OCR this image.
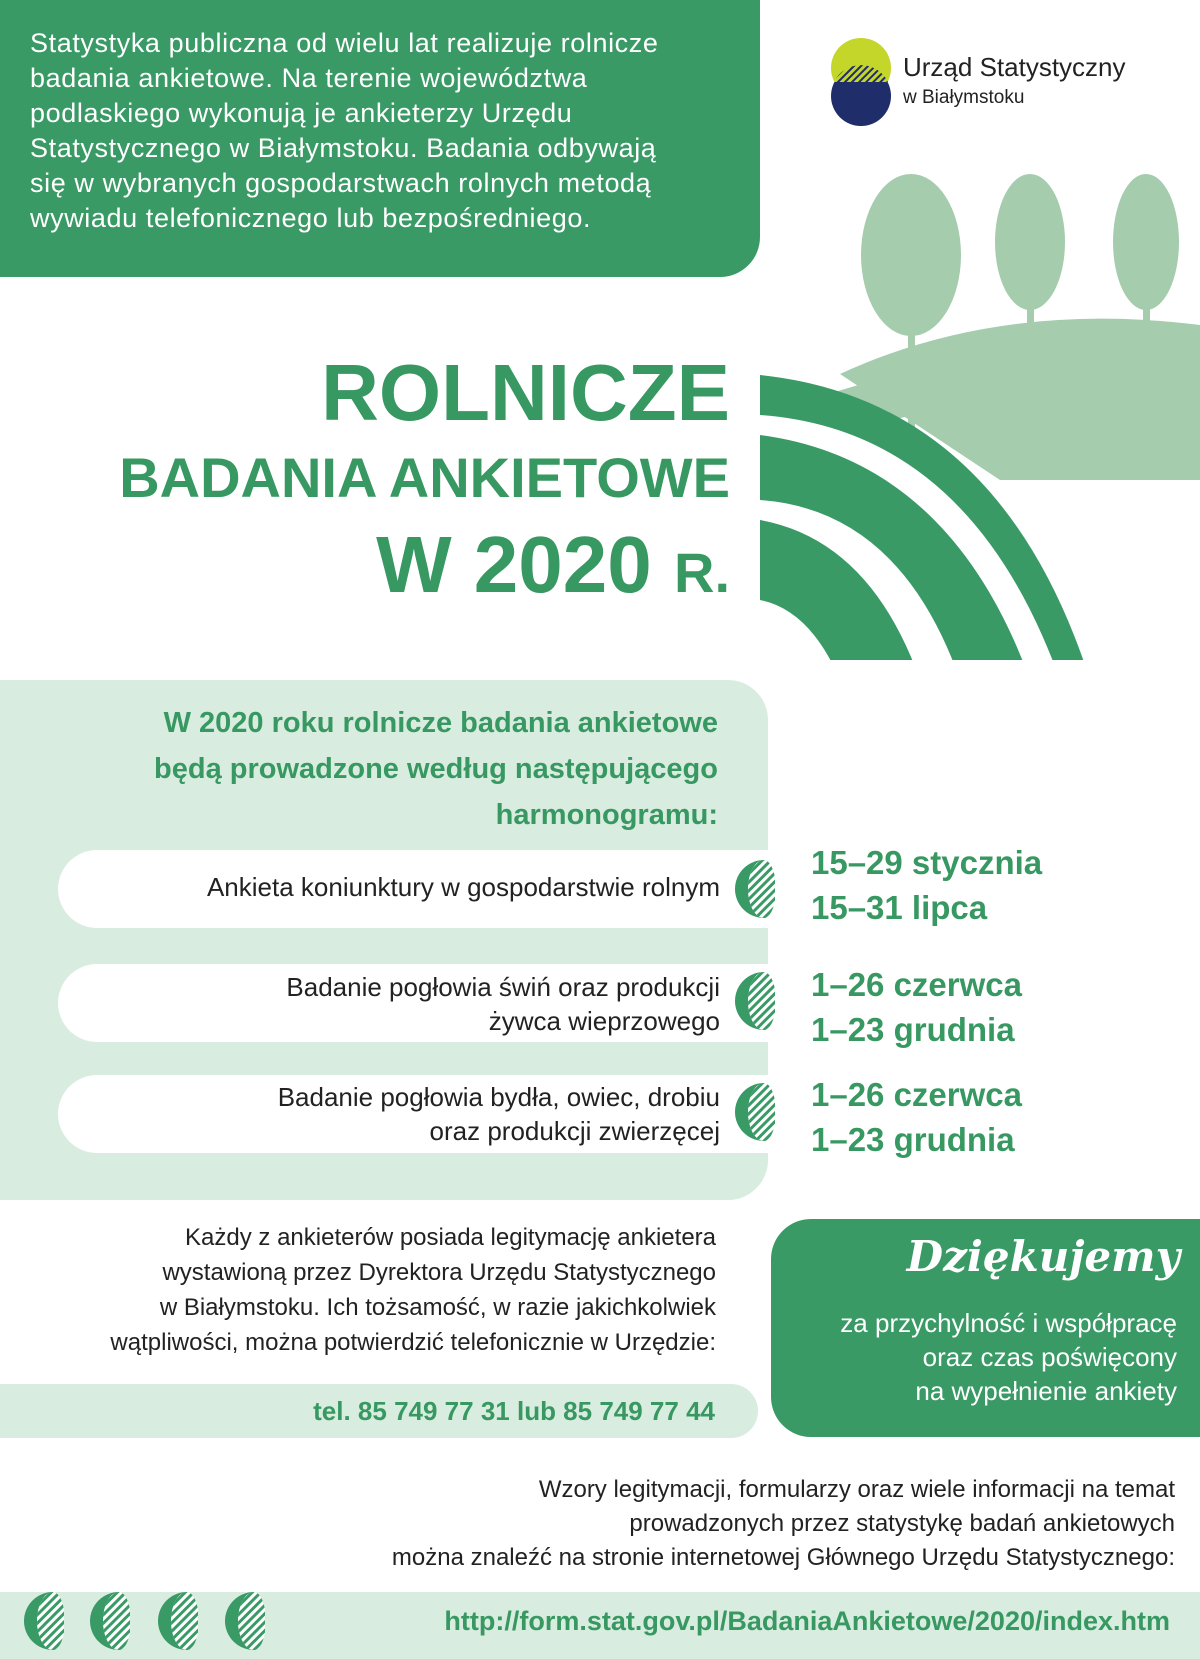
Statystyka publiczna od wielu lat realizuje rolnicze
badania ankietowe. Na terenie województwa
podlaskiego wykonują je ankieterzy Urzędu
Statystycznego w Białymstoku. Badania odbywają
się w wybranych gospodarstwach rolnych metodą
wywiadu telefonicznego lub bezpośredniego.
Urząd Statystyczny
w Białymstoku
ROLNICZE
BADANIA ANKIETOWE
W 2020 R.
W 2020 roku rolnicze badania ankietowe
będą prowadzone według następującego
harmonogramu:
Ankieta koniunktury w gospodarstwie rolnym
15–29 stycznia
15–31 lipca
Badanie pogłowia świń oraz produkcji
żywca wieprzowego
1–26 czerwca
1–23 grudnia
Badanie pogłowia bydła, owiec, drobiu
oraz produkcji zwierzęcej
1–26 czerwca
1–23 grudnia
Każdy z ankieterów posiada legitymację ankietera
wystawioną przez Dyrektora Urzędu Statystycznego
w Białymstoku. Ich tożsamość, w razie jakichkolwiek
wątpliwości, można potwierdzić telefonicznie w Urzędzie:
tel. 85 749 77 31 lub 85 749 77 44
Dziękujemy
za przychylność i współpracę
oraz czas poświęcony
na wypełnienie ankiety
Wzory legitymacji, formularzy oraz wiele informacji na temat
prowadzonych przez statystykę badań ankietowych
można znaleźć na stronie internetowej Głównego Urzędu Statystycznego:
http://form.stat.gov.pl/BadaniaAnkietowe/2020/index.htm
